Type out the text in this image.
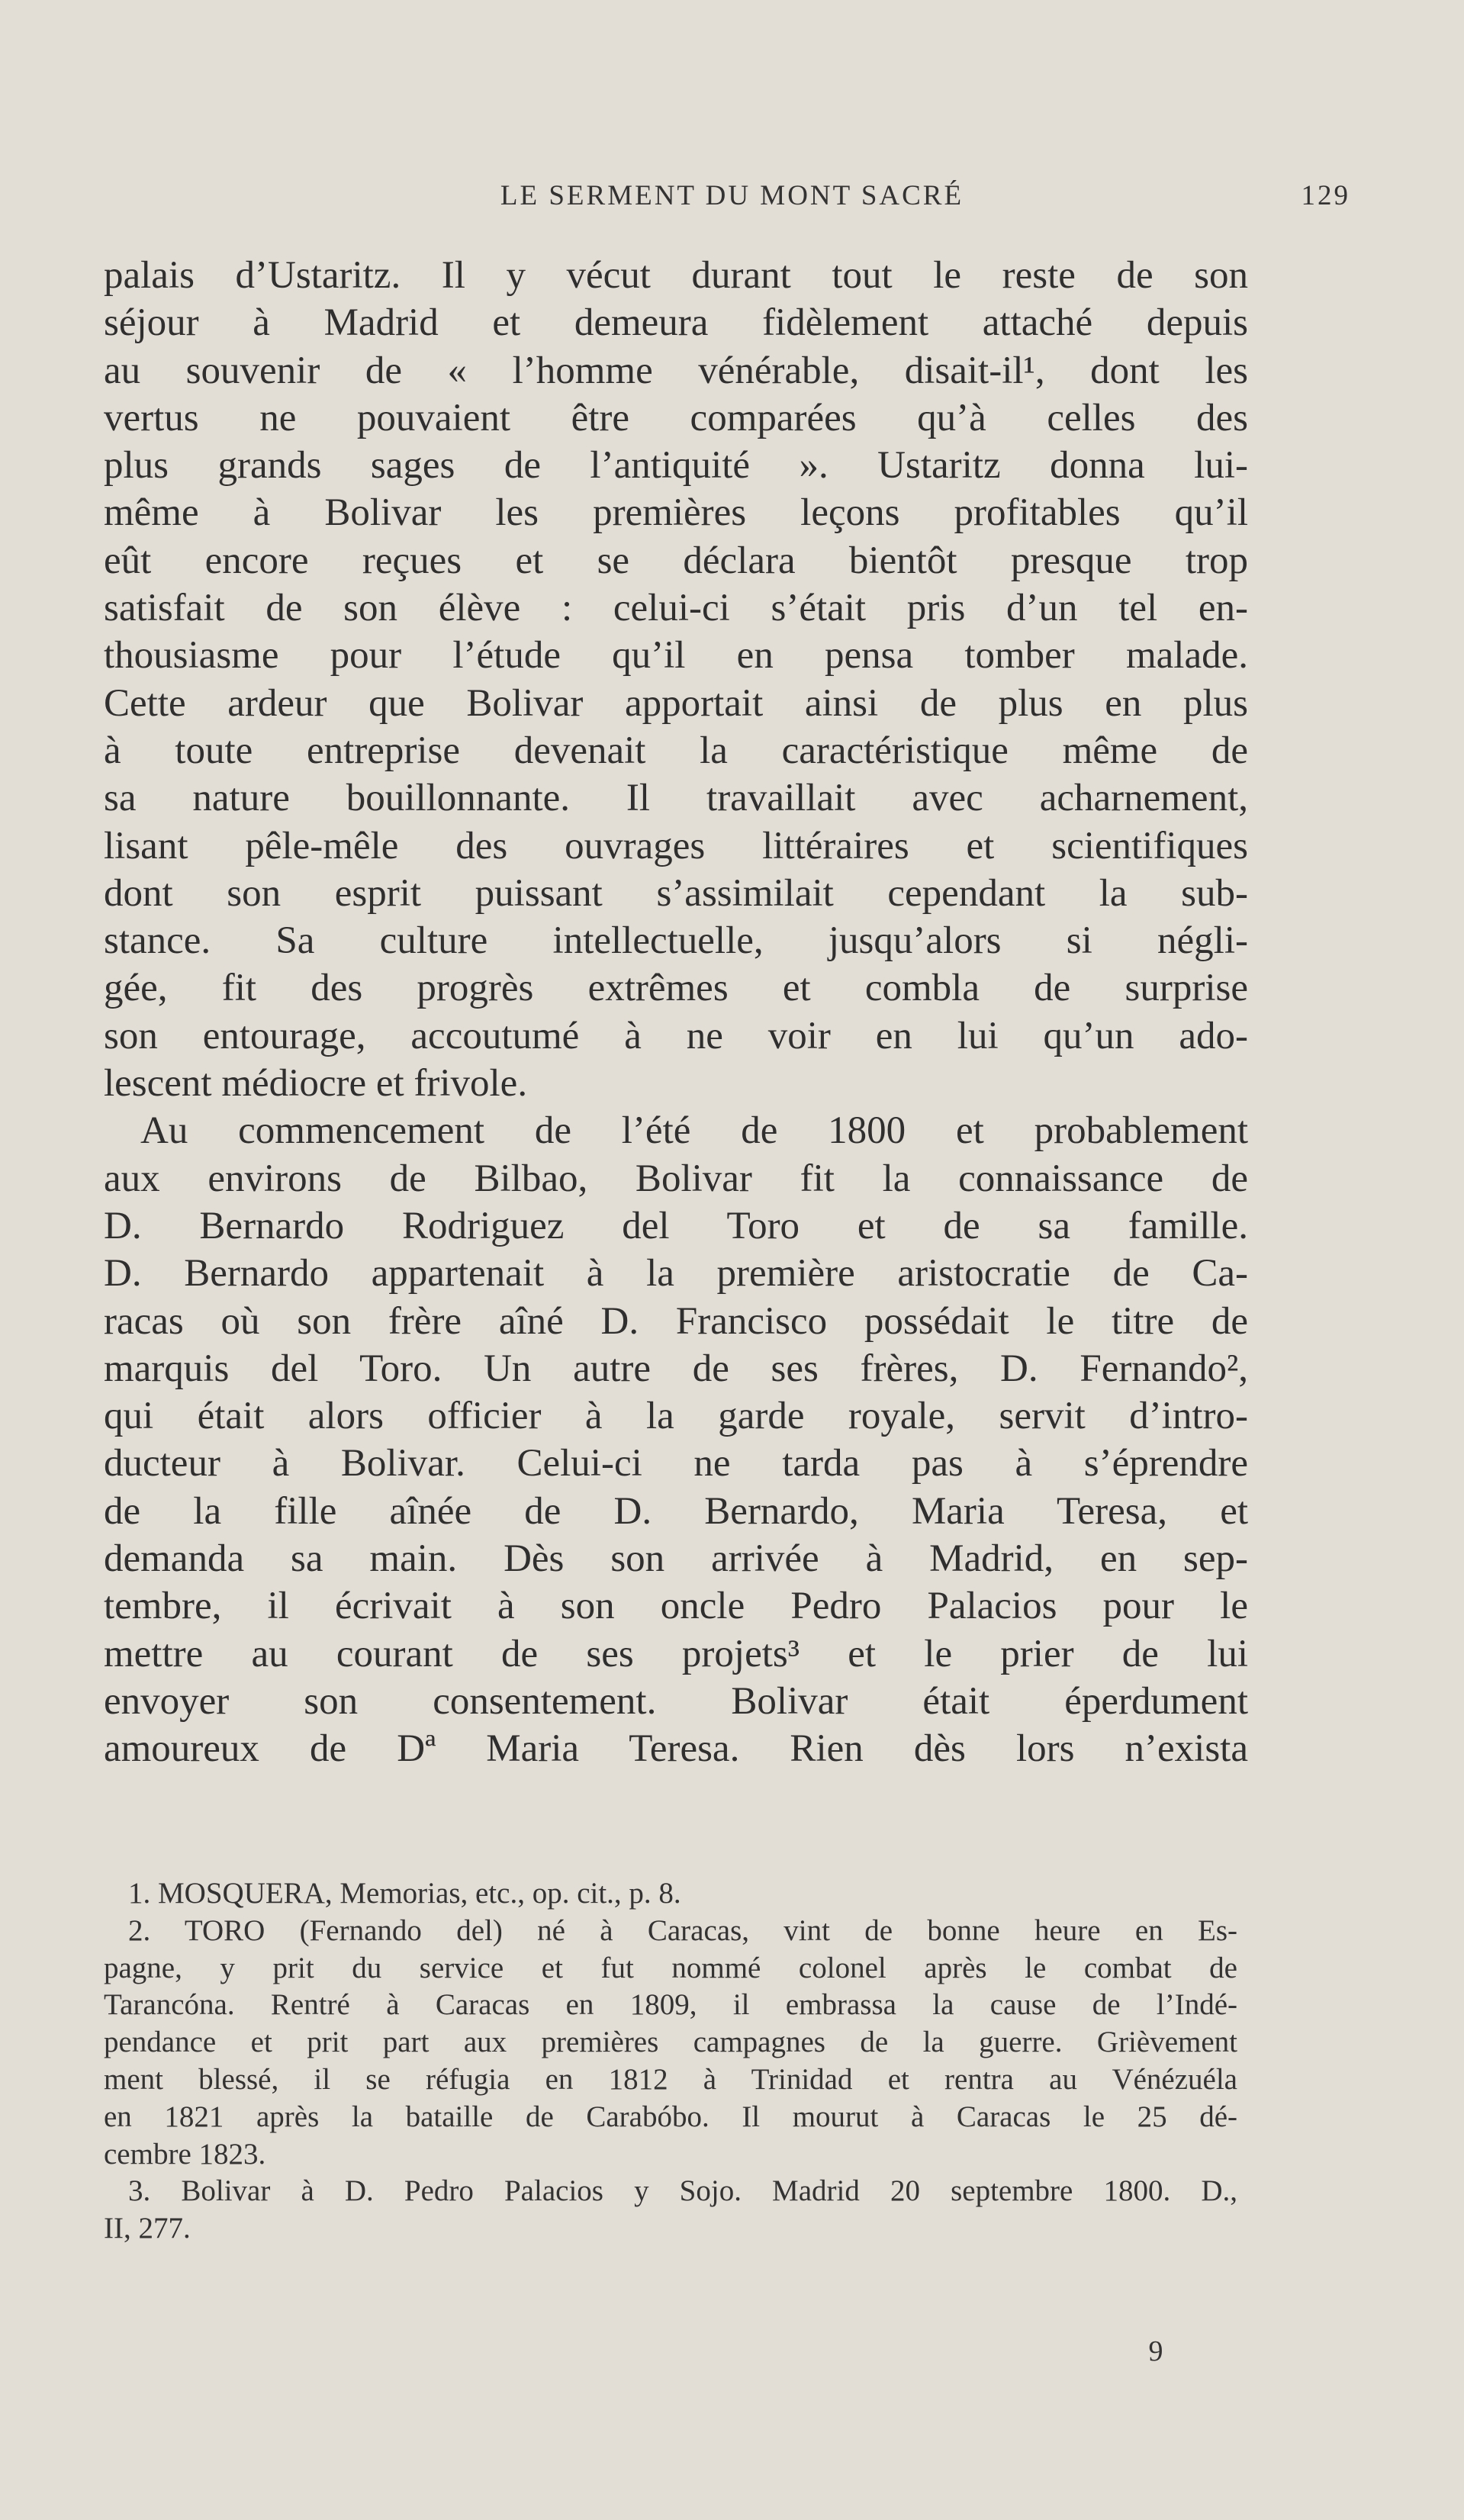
LE SERMENT DU MONT SACRÉ	129
palais d’Ustaritz. Il y vécut durant tout le reste de son
séjour à Madrid et demeura fidèlement attaché depuis
au souvenir de « l’homme vénérable, disait-il¹, dont les
vertus ne pouvaient être comparées qu’à celles des
plus grands sages de l’antiquité ». Ustaritz donna lui-
même à Bolivar les premières leçons profitables qu’il
eût encore reçues et se déclara bientôt presque trop
satisfait de son élève : celui-ci s’était pris d’un tel en-
thousiasme pour l’étude qu’il en pensa tomber malade.
Cette ardeur que Bolivar apportait ainsi de plus en plus
à toute entreprise devenait la caractéristique même de
sa nature bouillonnante. Il travaillait avec acharnement,
lisant pêle-mêle des ouvrages littéraires et scientifiques
dont son esprit puissant s’assimilait cependant la sub-
stance. Sa culture intellectuelle, jusqu’alors si négli-
gée, fit des progrès extrêmes et combla de surprise
son entourage, accoutumé à ne voir en lui qu’un ado-
lescent médiocre et frivole.
Au commencement de l’été de 1800 et probablement
aux environs de Bilbao, Bolivar fit la connaissance de
D. Bernardo Rodriguez del Toro et de sa famille.
D. Bernardo appartenait à la première aristocratie de Ca-
racas où son frère aîné D. Francisco possédait le titre de
marquis del Toro. Un autre de ses frères, D. Fernando²,
qui était alors officier à la garde royale, servit d’intro-
ducteur à Bolivar. Celui-ci ne tarda pas à s’éprendre
de la fille aînée de D. Bernardo, Maria Teresa, et
demanda sa main. Dès son arrivée à Madrid, en sep-
tembre, il écrivait à son oncle Pedro Palacios pour le
mettre au courant de ses projets³ et le prier de lui
envoyer son consentement. Bolivar était éperdument
amoureux de Dª Maria Teresa. Rien dès lors n’exista
1. MOSQUERA, Memorias, etc., op. cit., p. 8.
2. TORO (Fernando del) né à Caracas, vint de bonne heure en Es-
pagne, y prit du service et fut nommé colonel après le combat de
Tarancóna. Rentré à Caracas en 1809, il embrassa la cause de l’Indé-
pendance et prit part aux premières campagnes de la guerre. Grièvement
ment blessé, il se réfugia en 1812 à Trinidad et rentra au Vénézuéla
en 1821 après la bataille de Carabóbo. Il mourut à Caracas le 25 dé-
cembre 1823.
3. Bolivar à D. Pedro Palacios y Sojo. Madrid 20 septembre 1800. D.,
II, 277.
9
